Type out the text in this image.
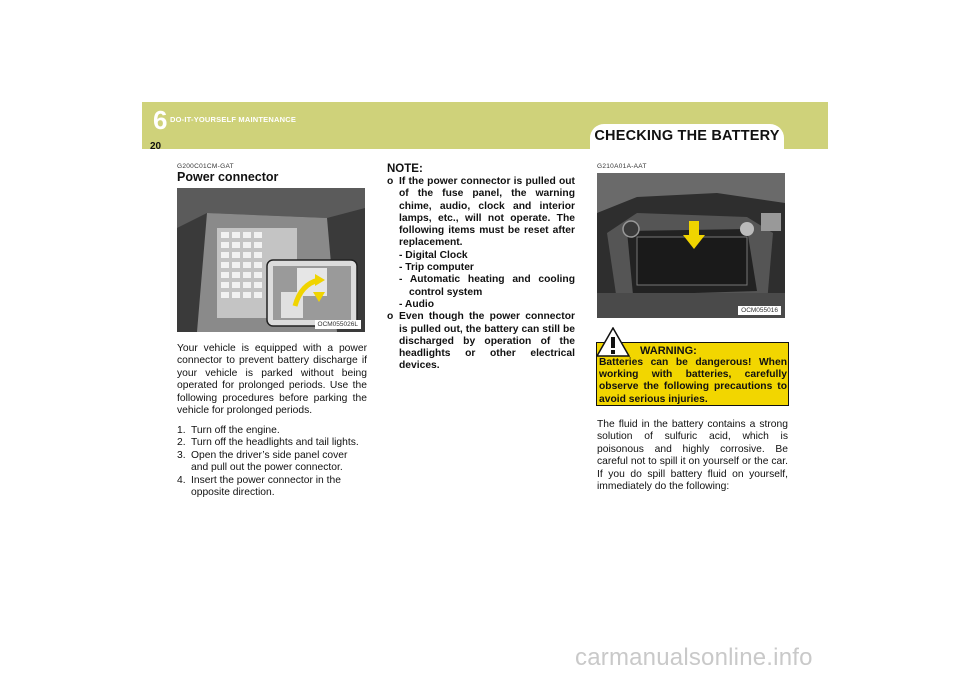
6 DO-IT-YOURSELF MAINTENANCE
CHECKING THE BATTERY
20
G200C01CM-GAT
Power connector
OCM055026L
Your vehicle is equipped with a power connector to prevent battery discharge if your vehicle is parked without being operated for prolonged periods. Use the following procedures before parking the vehicle for prolonged periods.
1. Turn off the engine.
2. Turn off the headlights and tail lights.
3. Open the driver’s side panel cover and pull out the power connector.
4. Insert the power connector in the opposite direction.
NOTE:
o If the power connector is pulled out of the fuse panel, the warning chime, audio, clock and interior lamps, etc., will not operate. The following items must be reset after replacement.
- Digital Clock
- Trip computer
- Automatic heating and cooling control system
- Audio
o Even though the power connector is pulled out, the battery can still be discharged by operation of the headlights or other electrical devices.
G210A01A-AAT
OCM055016
WARNING:
Batteries can be dangerous! When working with batteries, carefully observe the following precautions to avoid serious injuries.
The fluid in the battery contains a strong solution of sulfuric acid, which is poisonous and highly corrosive. Be careful not to spill it on yourself or the car. If you do spill battery fluid on yourself, immediately do the following:
carmanualsonline.info
